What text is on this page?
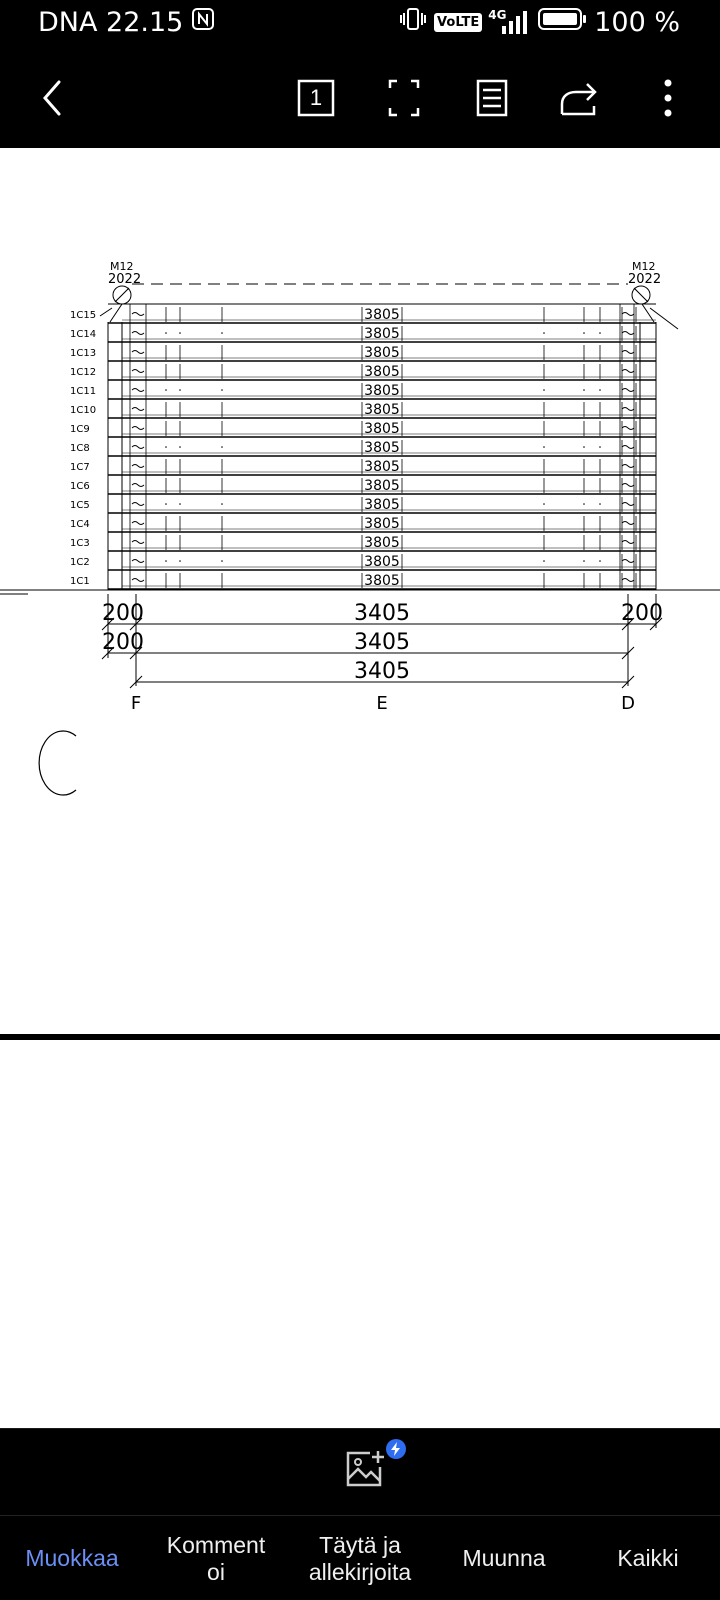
DNA 22.15	VoLTE
4G	100 %
1
1C15	3805
1C14	3805
1C13	3805
1C12	3805
1C11	3805
1C10	3805
1C9	3805
1C8	3805
1C7	3805
1C6	3805
1C5	3805
1C4	3805
1C3	3805
1C2	3805
1C1	3805
M12
2022
M12
2022
200	3405	200
200	3405
3405
F	E	D
C
Muokkaa
Komment
oi
Täytä ja
allekirjoita
Muunna	Kaikki
